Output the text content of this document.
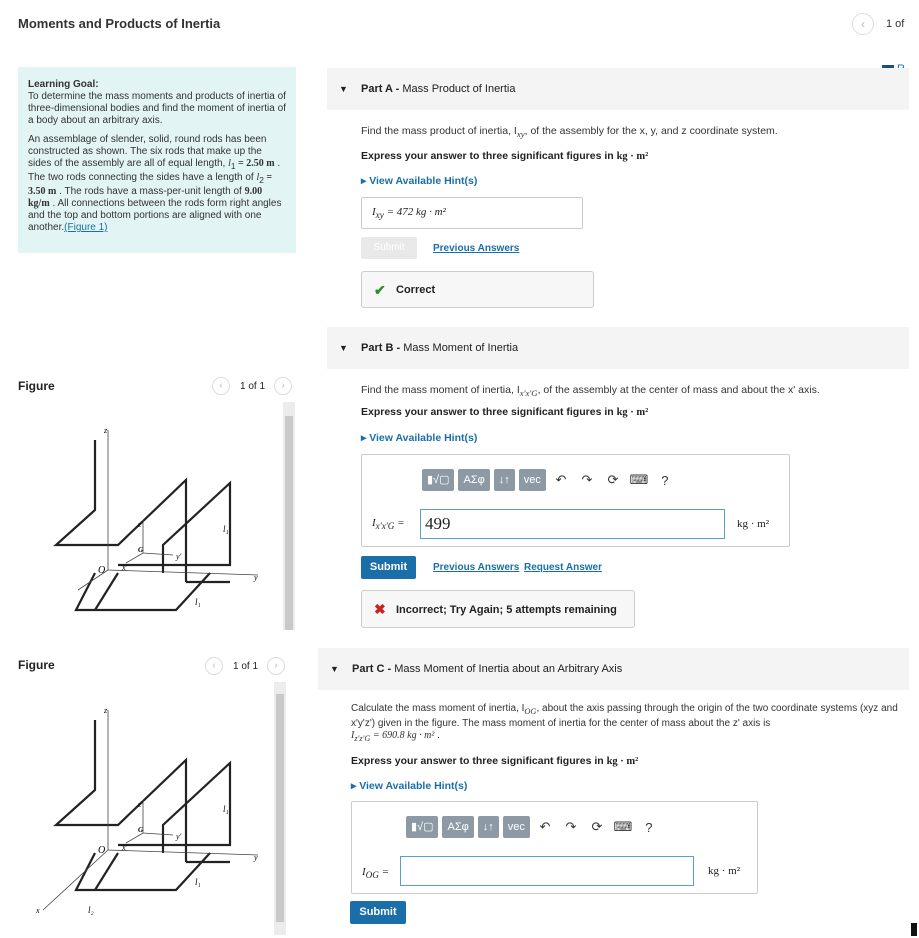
Moments and Products of Inertia	‹	1 of
Learning Goal:

To determine the mass moments and products of inertia of three-dimensional bodies and find the moment of inertia of a body about an arbitrary axis.

An assemblage of slender, solid, round rods has been constructed as shown. The six rods that make up the sides of the assembly are all of equal length, $l_1 = 2.50$ m . The two rods connecting the sides have a length of $l_2 = 3.50$ m . The rods have a mass-per-unit length of 9.00 kg/m . All connections between the rods form right angles and the top and bottom portions are aligned with one another.(Figure 1)

▼ Part A - Mass Product of Inertia
Find the mass product of inertia, $I_{xy}$, of the assembly for the x, y, and z coordinate system.
Express your answer to three significant figures in kg · m²
▸ View Available Hint(s)
$I_{xy} = 472$ kg · m²
Submit	Previous Answers
✔ Correct
▼ Part B - Mass Moment of Inertia
Find the mass moment of inertia, $I_{x'x'G}$, of the assembly at the center of mass and about the x' axis.
Express your answer to three significant figures in kg · m²
▸ View Available Hint(s)
▮√▢	ΑΣφ	↓↑	vec	↶	↷	⟳ ⌨	?
$I_{x'x'G} = 499$	kg · m²
Submit	Previous Answers Request Answer
✖ Incorrect; Try Again; 5 attempts remaining
▼ Part C - Mass Moment of Inertia about an Arbitrary Axis
Calculate the mass moment of inertia, $I_{OG}$, about the axis passing through the origin of the two coordinate systems (xyz and x'y'z') given in the figure. The mass moment of inertia for the center of mass about the z' axis is
$I_{z'z'G} = 690.8$ kg · m² .
Express your answer to three significant figures in kg · m²
▸ View Available Hint(s)
▮√▢	ΑΣφ	↓↑	vec	↶	↷	⟳ ⌨	?
$I_{OG}$ =	kg · m²
Submit
Figure	‹	1 of 1	›
z
z'
G
y'
O x'
y
l₁
l₁
Figure	‹	1 of 1	›
z
z'
G
y'
O x'
y
l₁
l₁
x	l₂
